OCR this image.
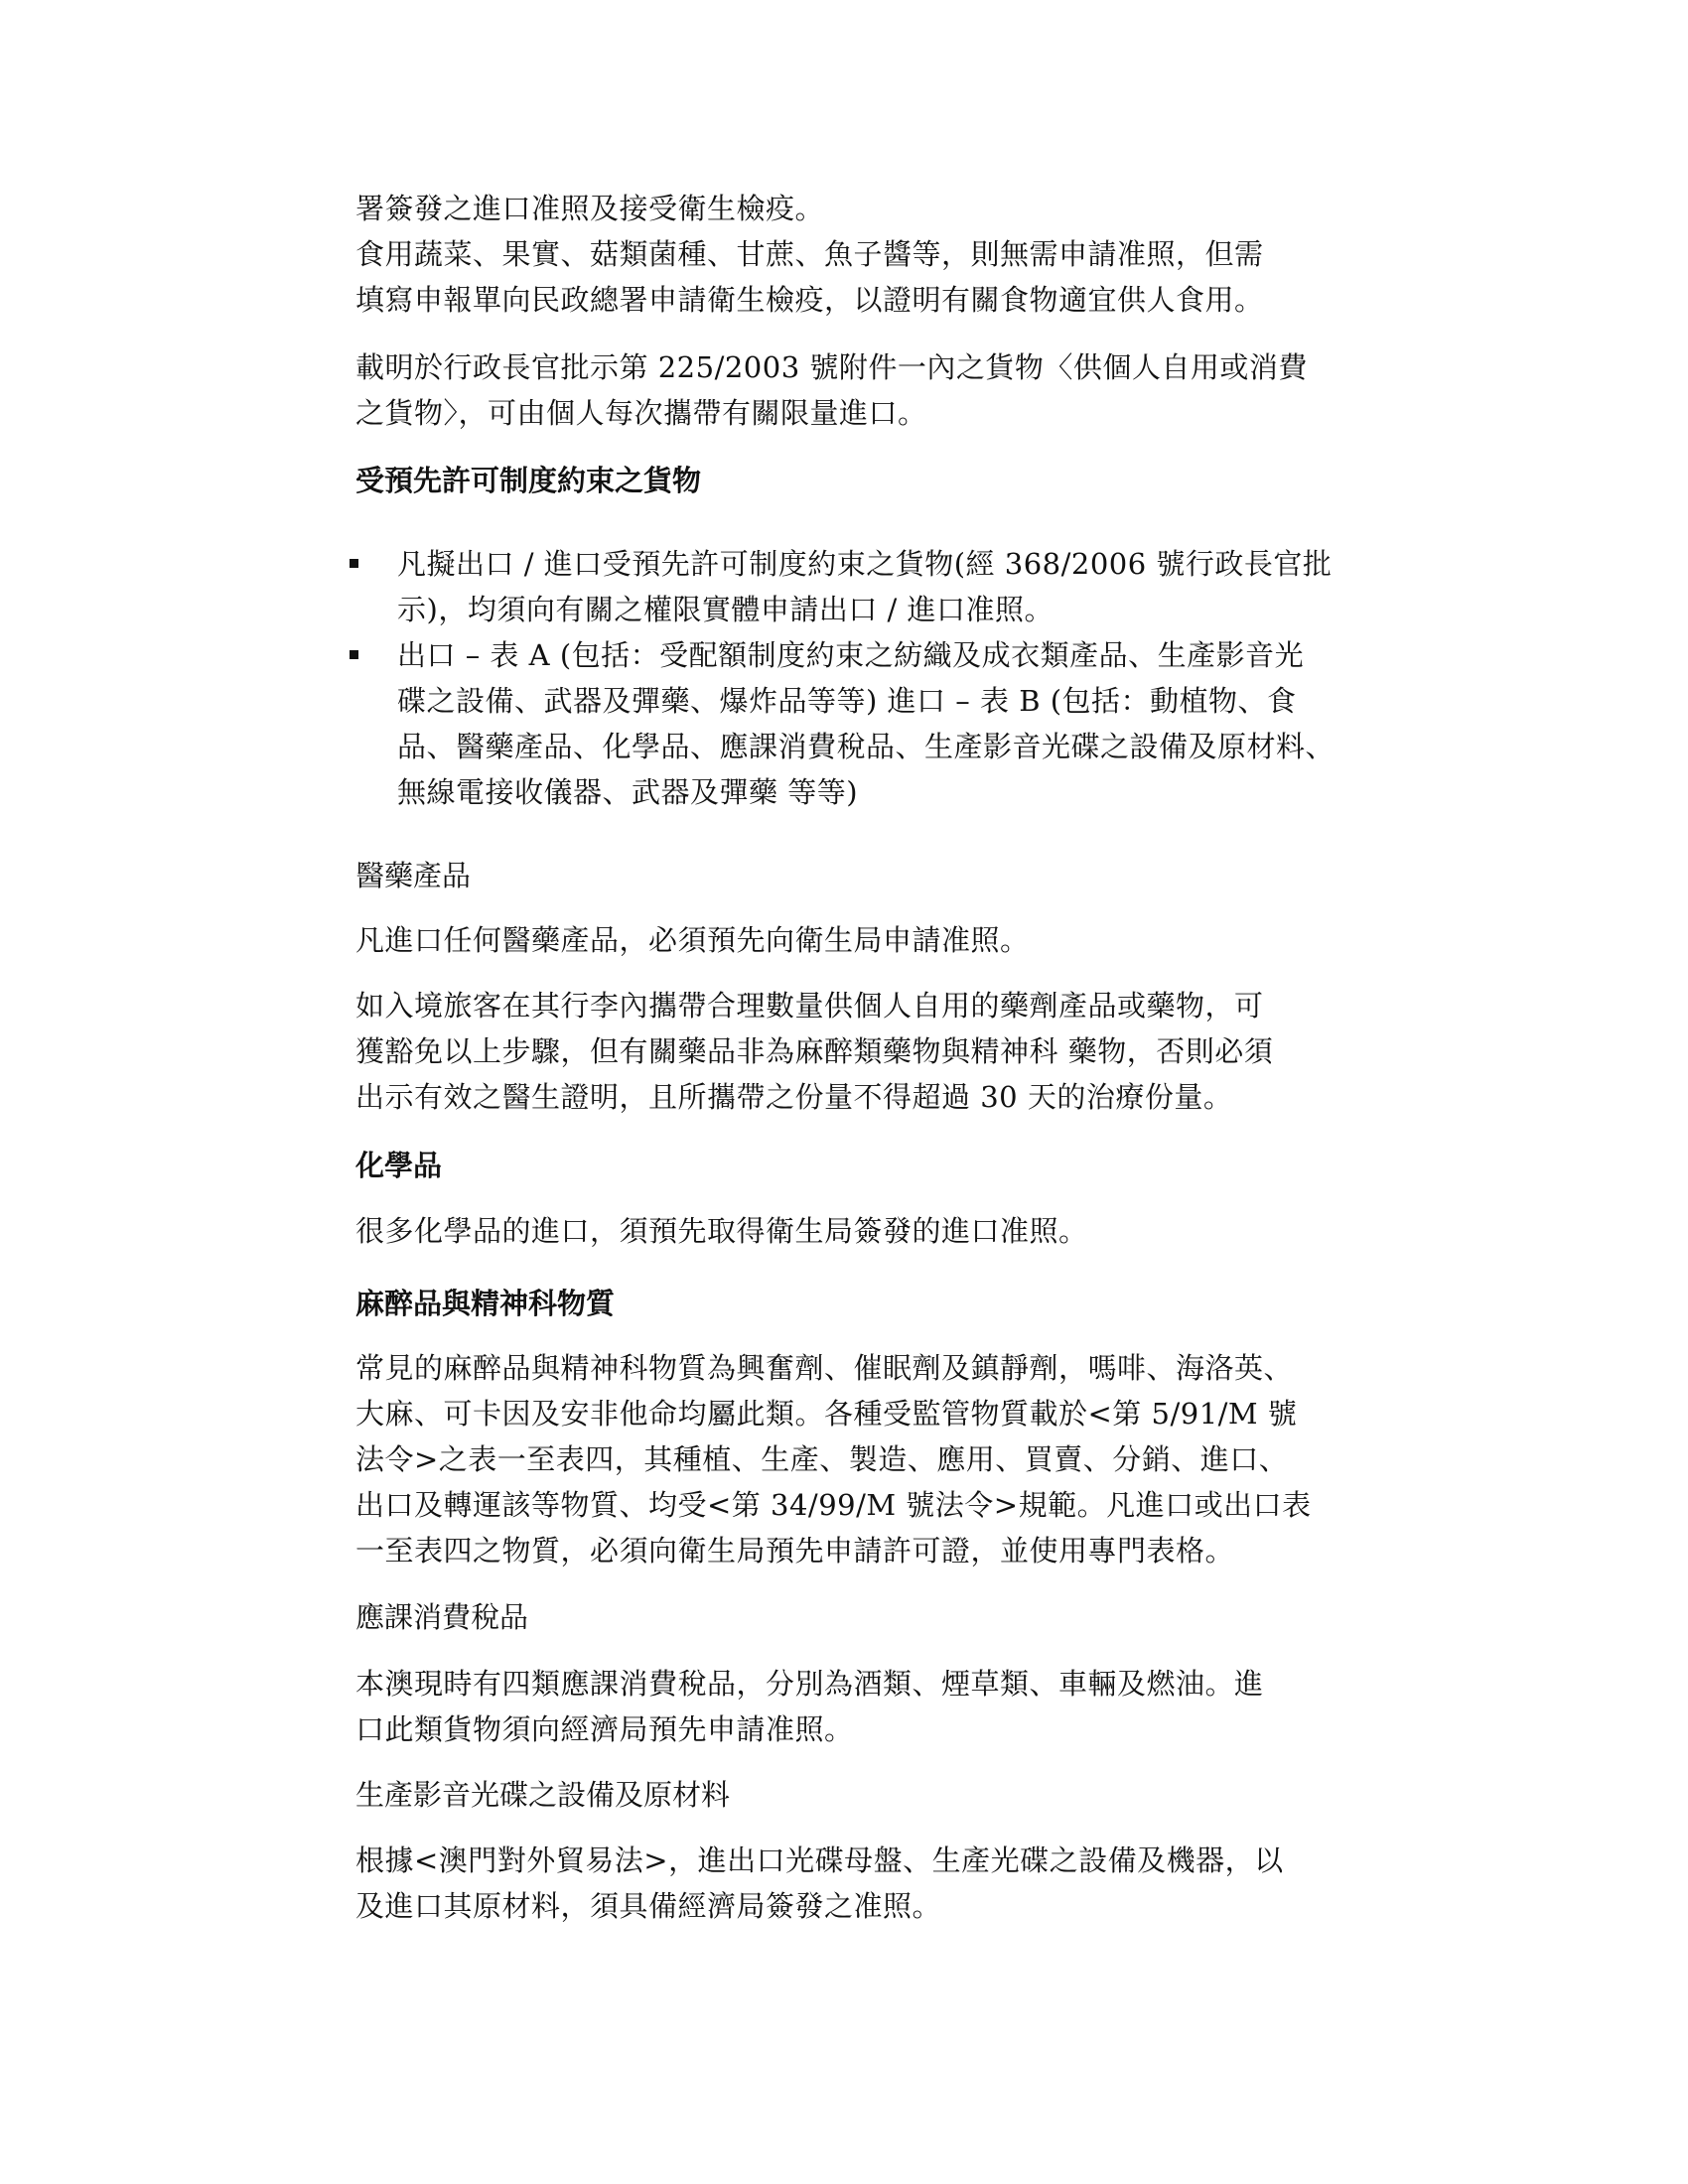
署簽發之進口准照及接受衛生檢疫。
食用蔬菜、果實、菇類菌種、甘蔗、魚子醬等，則無需申請准照，但需
填寫申報單向民政總署申請衛生檢疫，以證明有關食物適宜供人食用。
載明於行政長官批示第 225/2003 號附件一內之貨物〈供個人自用或消費
之貨物〉，可由個人每次攜帶有關限量進口。
受預先許可制度約束之貨物
凡擬出口 / 進口受預先許可制度約束之貨物(經 368/2006 號行政長官批
示)，均須向有關之權限實體申請出口 / 進口准照。
出口 – 表 A (包括：受配額制度約束之紡織及成衣類產品、生產影音光
碟之設備、武器及彈藥、爆炸品等等) 進口 – 表 B (包括：動植物、食
品、醫藥產品、化學品、應課消費稅品、生產影音光碟之設備及原材料、
無線電接收儀器、武器及彈藥 等等)
醫藥產品
凡進口任何醫藥產品，必須預先向衛生局申請准照。
如入境旅客在其行李內攜帶合理數量供個人自用的藥劑產品或藥物，可
獲豁免以上步驟，但有關藥品非為麻醉類藥物與精神科 藥物，否則必須
出示有效之醫生證明，且所攜帶之份量不得超過 30 天的治療份量。
化學品
很多化學品的進口，須預先取得衛生局簽發的進口准照。
麻醉品與精神科物質
常見的麻醉品與精神科物質為興奮劑、催眠劑及鎮靜劑，嗎啡、海洛英、
大麻、可卡因及安非他命均屬此類。各種受監管物質載於<第 5/91/M 號
法令>之表一至表四，其種植、生產、製造、應用、買賣、分銷、進口、
出口及轉運該等物質、均受<第 34/99/M 號法令>規範。凡進口或出口表
一至表四之物質，必須向衛生局預先申請許可證，並使用專門表格。
應課消費稅品
本澳現時有四類應課消費稅品，分別為酒類、煙草類、車輛及燃油。進
口此類貨物須向經濟局預先申請准照。
生產影音光碟之設備及原材料
根據<澳門對外貿易法>，進出口光碟母盤、生產光碟之設備及機器，以
及進口其原材料，須具備經濟局簽發之准照。
